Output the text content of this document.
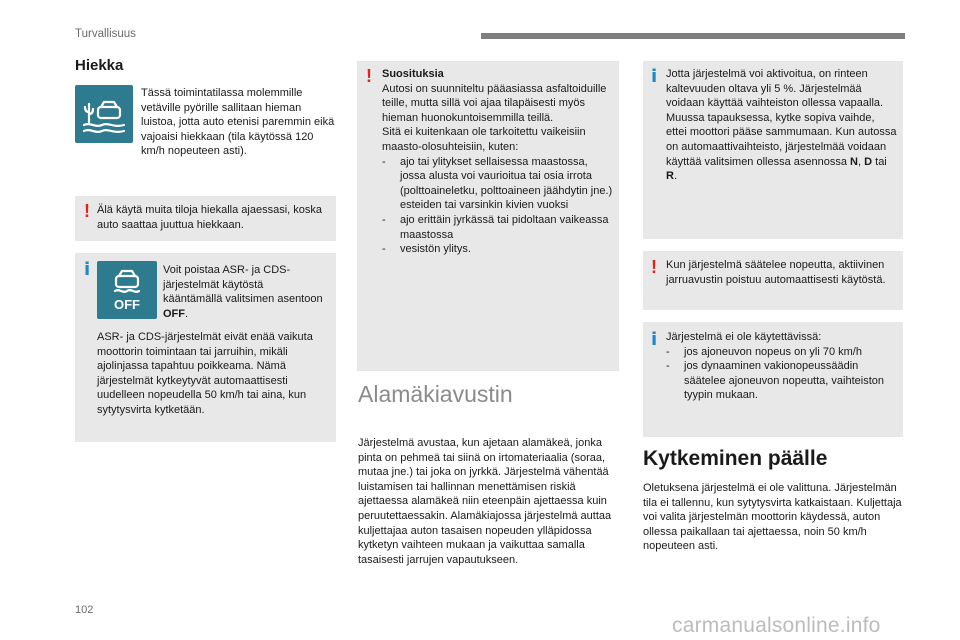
Turvallisuus
Hiekka
Tässä toimintatilassa molemmille vetäville pyörille sallitaan hieman luistoa, jotta auto etenisi paremmin eikä vajoaisi hiekkaan (tila käytössä 120 km/h nopeuteen asti).
! Älä käytä muita tiloja hiekalla ajaessasi, koska auto saattaa juuttua hiekkaan.
i
OFF
Voit poistaa ASR- ja CDS-järjestelmät käytöstä kääntämällä valitsimen asentoon OFF.
ASR- ja CDS-järjestelmät eivät enää vaikuta moottorin toimintaan tai jarruihin, mikäli ajolinjassa tapahtuu poikkeama. Nämä järjestelmät kytkeytyvät automaattisesti uudelleen nopeudella 50 km/h tai aina, kun sytytysvirta kytketään.
! Suosituksia

Autosi on suunniteltu pääasiassa asfaltoiduille teille, mutta sillä voi ajaa tilapäisesti myös hieman huonokuntoisemmilla teillä.

Sitä ei kuitenkaan ole tarkoitettu vaikeisiin maasto-olosuhteisiin, kuten:

- ajo tai ylitykset sellaisessa maastossa, jossa alusta voi vaurioitua tai osia irrota (polttoaineletku, polttoaineen jäähdytin jne.) esteiden tai varsinkin kivien vuoksi
- ajo erittäin jyrkässä tai pidoltaan vaikeassa maastossa
- vesistön ylitys.
Alamäkiavustin
Järjestelmä avustaa, kun ajetaan alamäkeä, jonka pinta on pehmeä tai siinä on irtomateriaalia (soraa, mutaa jne.) tai joka on jyrkkä. Järjestelmä vähentää luistamisen tai hallinnan menettämisen riskiä ajettaessa alamäkeä niin eteenpäin ajettaessa kuin peruutettaessakin. Alamäkiajossa järjestelmä auttaa kuljettajaa auton tasaisen nopeuden ylläpidossa kytketyn vaihteen mukaan ja vaikuttaa samalla tasaisesti jarrujen vapautukseen.
i Jotta järjestelmä voi aktivoitua, on rinteen kaltevuuden oltava yli 5 %. Järjestelmää voidaan käyttää vaihteiston ollessa vapaalla. Muussa tapauksessa, kytke sopiva vaihde, ettei moottori pääse sammumaan. Kun autossa on automaattivaihteisto, järjestelmää voidaan käyttää valitsimen ollessa asennossa N, D tai R.
! Kun järjestelmä säätelee nopeutta, aktiivinen jarruavustin poistuu automaattisesti käytöstä.
i Järjestelmä ei ole käytettävissä:

- jos ajoneuvon nopeus on yli 70 km/h
- jos dynaaminen vakionopeussäädin säätelee ajoneuvon nopeutta, vaihteiston tyypin mukaan.
Kytkeminen päälle
Oletuksena järjestelmä ei ole valittuna. Järjestelmän tila ei tallennu, kun sytytysvirta katkaistaan. Kuljettaja voi valita järjestelmän moottorin käydessä, auton ollessa paikallaan tai ajettaessa, noin 50 km/h nopeuteen asti.
102
carmanualsonline.info
